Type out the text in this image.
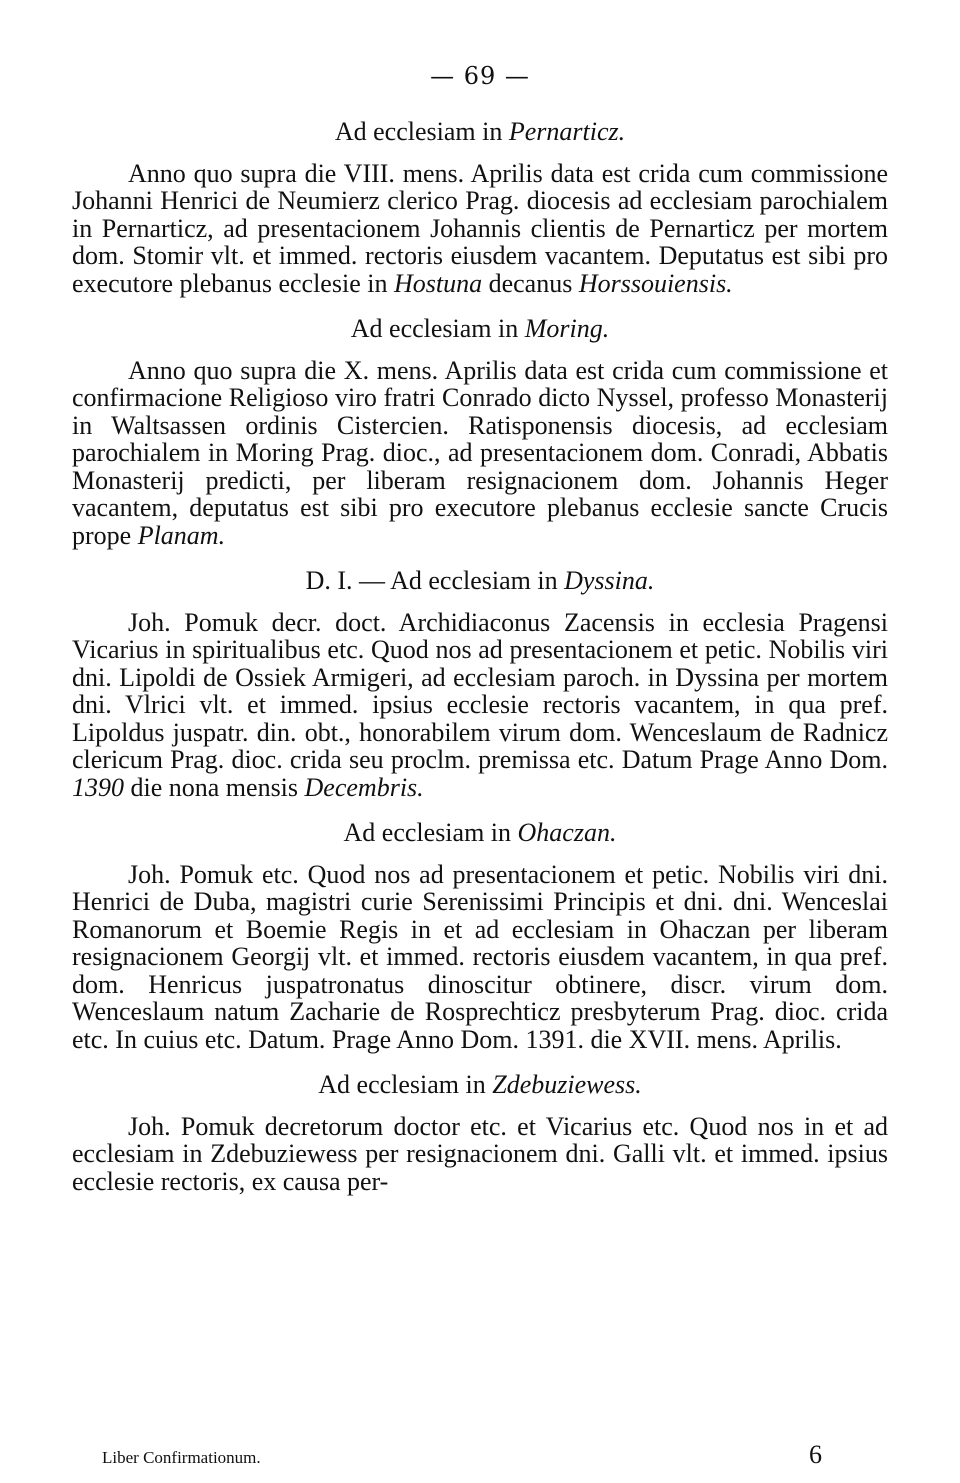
— 69 —
Ad ecclesiam in Pernarticz.

Anno quo supra die VIII. mens. Aprilis data est crida cum commissione Johanni Henrici de Neumierz clerico Prag. diocesis ad ecclesiam parochialem in Pernarticz, ad presentacionem Johannis clientis de Pernarticz per mortem dom. Stomir vlt. et immed. rectoris eiusdem vacantem. Deputatus est sibi pro executore plebanus ecclesie in Hostuna decanus Horssouiensis.

Ad ecclesiam in Moring.

Anno quo supra die X. mens. Aprilis data est crida cum commissione et confirmacione Religioso viro fratri Conrado dicto Nyssel, professo Monasterij in Waltsassen ordinis Cistercien. Ratisponensis diocesis, ad ecclesiam parochialem in Moring Prag. dioc., ad presentacionem dom. Conradi, Abbatis Monasterij predicti, per liberam resignacionem dom. Johannis Heger vacantem, deputatus est sibi pro executore plebanus ecclesie sancte Crucis prope Planam.

D. I. — Ad ecclesiam in Dyssina.

Joh. Pomuk decr. doct. Archidiaconus Zacensis in ecclesia Pragensi Vicarius in spiritualibus etc. Quod nos ad presentacionem et petic. Nobilis viri dni. Lipoldi de Ossiek Armigeri, ad ecclesiam paroch. in Dyssina per mortem dni. Vlrici vlt. et immed. ipsius ecclesie rectoris vacantem, in qua pref. Lipoldus juspatr. din. obt., honorabilem virum dom. Wenceslaum de Radnicz clericum Prag. dioc. crida seu proclm. premissa etc. Datum Prage Anno Dom. 1390 die nona mensis Decembris.

Ad ecclesiam in Ohaczan.

Joh. Pomuk etc. Quod nos ad presentacionem et petic. Nobilis viri dni. Henrici de Duba, magistri curie Serenissimi Principis et dni. dni. Wenceslai Romanorum et Boemie Regis in et ad ecclesiam in Ohaczan per liberam resignacionem Georgij vlt. et immed. rectoris eiusdem vacantem, in qua pref. dom. Henricus juspatronatus dinoscitur obtinere, discr. virum dom. Wenceslaum natum Zacharie de Rosprechticz presbyterum Prag. dioc. crida etc. In cuius etc. Datum. Prage Anno Dom. 1391. die XVII. mens. Aprilis.

Ad ecclesiam in Zdebuziewess.

Joh. Pomuk decretorum doctor etc. et Vicarius etc. Quod nos in et ad ecclesiam in Zdebuziewess per resignacionem dni. Galli vlt. et immed. ipsius ecclesie rectoris, ex causa per-

Liber Confirmationum.	6
